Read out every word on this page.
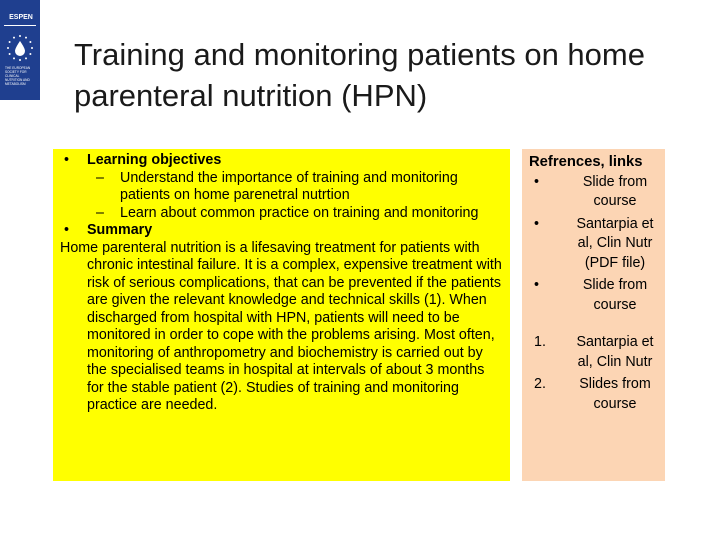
ESPEN
THE EUROPEAN SOCIETY FOR CLINICAL NUTRITION AND METABOLISM
Training and monitoring patients on home parenteral nutrition (HPN)
•	Learning objectives
–	Understand the importance of training and monitoring patients on home parenetral nutrtion
–	Learn about common practice on training and monitoring
•	Summary
Home parenteral nutrition is a lifesaving treatment for patients with chronic intestinal failure. It is a complex, expensive treatment with risk of serious complications, that can be prevented if the patients are given the relevant knowledge and technical skills (1). When discharged from hospital with HPN, patients will need to be monitored in order to cope with the problems arising. Most often, monitoring of anthropometry and biochemistry is carried out by the specialised teams in hospital at intervals of about 3 months for the stable patient (2). Studies of training and monitoring practice are needed.
Refrences, links
•	Slide from course
•	Santarpia et al, Clin Nutr (PDF file)
•	Slide from course
1.	Santarpia et al, Clin Nutr
2.	Slides from course
